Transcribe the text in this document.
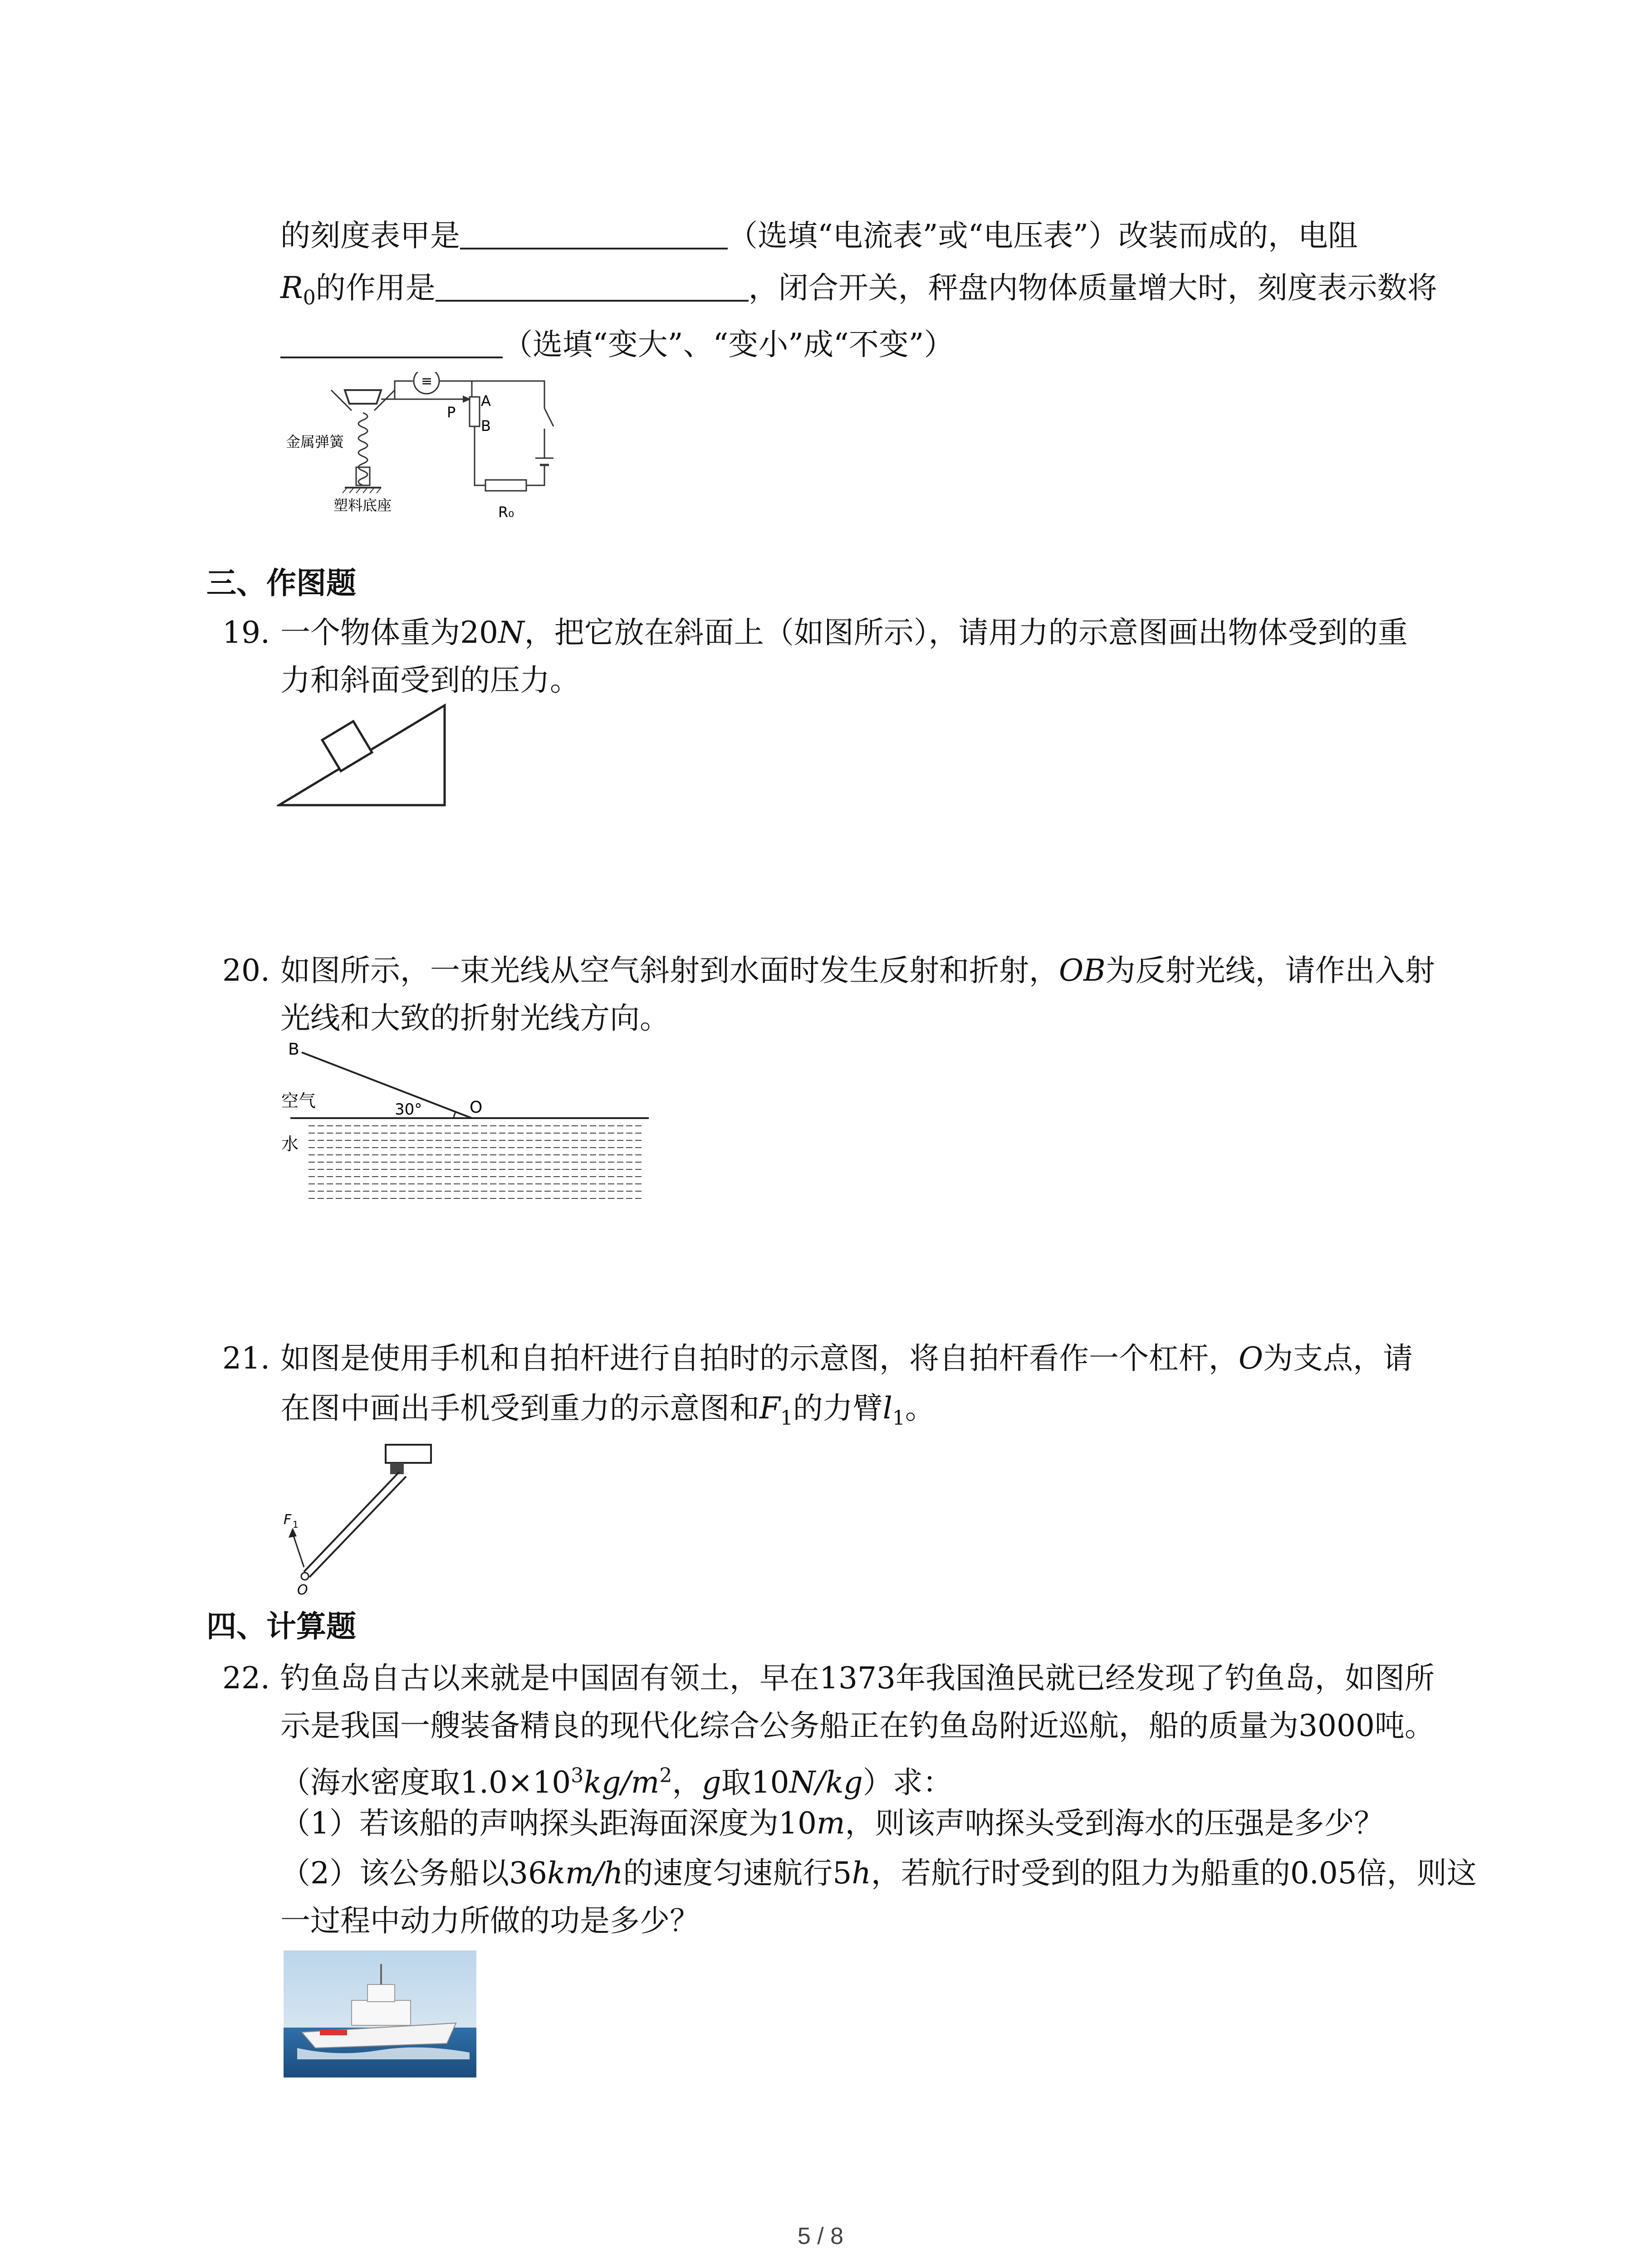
的刻度表甲是	（选填“电流表”或“电压表”）改装而成的，电阻
$R_0$的作用是	，闭合开关，秤盘内物体质量增大时，刻度表示数将
（选填“变大”、“变小”成“不变”）
≡
金属弹簧
塑料底座
A
B
P
R₀
三、作图题
19. 一个物体重为20N，把它放在斜面上（如图所示），请用力的示意图画出物体受到的重
力和斜面受到的压力。
20. 如图所示，一束光线从空气斜射到水面时发生反射和折射，OB为反射光线，请作出入射
光线和大致的折射光线方向。
B
空气	30°	O
水
21. 如图是使用手机和自拍杆进行自拍时的示意图，将自拍杆看作一个杠杆，O为支点，请
在图中画出手机受到重力的示意图和$F_1$的力臂$l_1$。
F 1
O
四、计算题
22. 钓鱼岛自古以来就是中国固有领土，早在1373年我国渔民就已经发现了钓鱼岛，如图所
示是我国一艘装备精良的现代化综合公务船正在钓鱼岛附近巡航，船的质量为3000吨。
（海水密度取$1.0\times 10^3kg/m^2$，g取10N/kg）求：
（1）若该船的声呐探头距海面深度为10m，则该声呐探头受到海水的压强是多少？
（2）该公务船以36km/h的速度匀速航行5h，若航行时受到的阻力为船重的0.05倍，则这
一过程中动力所做的功是多少？
5 / 8
